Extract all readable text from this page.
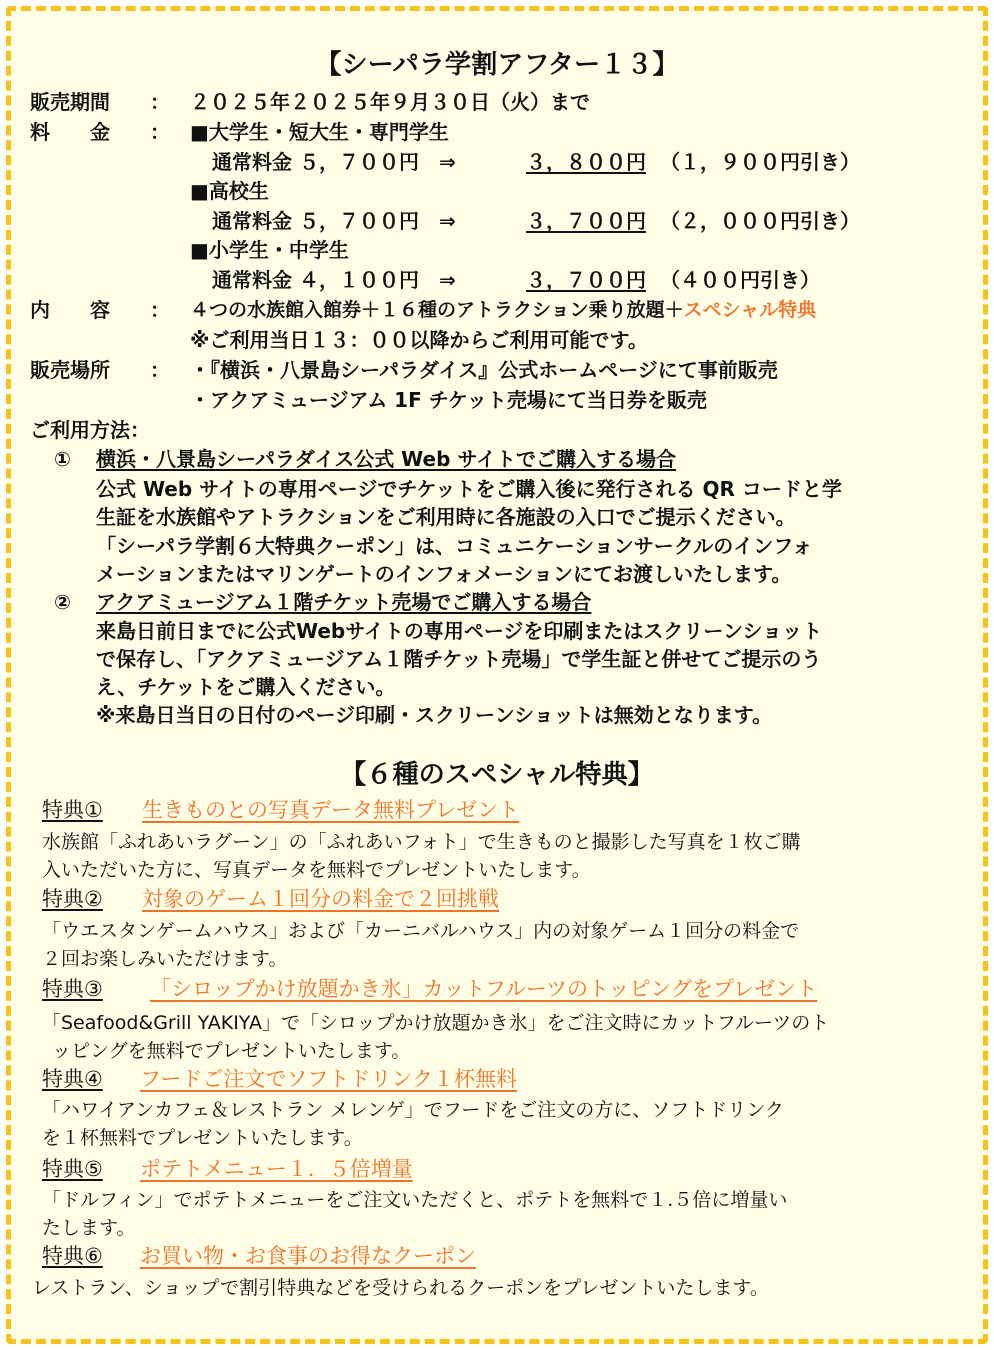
【シーパラ学割アフター１３】
販売期間 ： ２０２５年２０２５年９月３０日（火）まで
料　　金 ： ■大学生・短大生・専門学生
通常料金 ５，７００円　⇒	３，８００円 （１，９００円引き）
■高校生
通常料金 ５，７００円　⇒	３，７００円 （２，０００円引き）
■小学生・中学生
通常料金 ４，１００円　⇒	３，７００円 （４００円引き）
内　　容 ： ４つの水族館入館券＋１６種のアトラクション乗り放題＋スペシャル特典
※ご利用当日１３：００以降からご利用可能です。
販売場所 ： ・『横浜・八景島シーパラダイス』公式ホームページにて事前販売
・アクアミュージアム 1F チケット売場にて当日券を販売
ご利用方法：
① 横浜・八景島シーパラダイス公式 Web サイトでご購入する場合
公式 Web サイトの専用ページでチケットをご購入後に発行される QR コードと学
生証を水族館やアトラクションをご利用時に各施設の入口でご提示ください。
「シーパラ学割６大特典クーポン」は、コミュニケーションサークルのインフォ
メーションまたはマリンゲートのインフォメーションにてお渡しいたします。
② アクアミュージアム１階チケット売場でご購入する場合
来島日前日までに公式Webサイトの専用ページを印刷またはスクリーンショット
で保存し、「アクアミュージアム１階チケット売場」で学生証と併せてご提示のう
え、チケットをご購入ください。
※来島日当日の日付のページ印刷・スクリーンショットは無効となります。
【６種のスペシャル特典】
特典① 生きものとの写真データ無料プレゼント
水族館「ふれあいラグーン」の「ふれあいフォト」で生きものと撮影した写真を１枚ご購
入いただいた方に、写真データを無料でプレゼントいたします。
特典② 対象のゲーム１回分の料金で２回挑戦
「ウエスタンゲームハウス」および「カーニバルハウス」内の対象ゲーム１回分の料金で
２回お楽しみいただけます。
特典③ 「シロップかけ放題かき氷」カットフルーツのトッピングをプレゼント
「Seafood&Grill YAKIYA」で「シロップかけ放題かき氷」をご注文時にカットフルーツのト
ッピングを無料でプレゼントいたします。
特典④ フードご注文でソフトドリンク１杯無料
「ハワイアンカフェ＆レストラン メレンゲ」でフードをご注文の方に、ソフトドリンク
を１杯無料でプレゼントいたします。
特典⑤ ポテトメニュー１．５倍増量
「ドルフィン」でポテトメニューをご注文いただくと、ポテトを無料で１.５倍に増量い
たします。
特典⑥ お買い物・お食事のお得なクーポン
レストラン、ショップで割引特典などを受けられるクーポンをプレゼントいたします。
